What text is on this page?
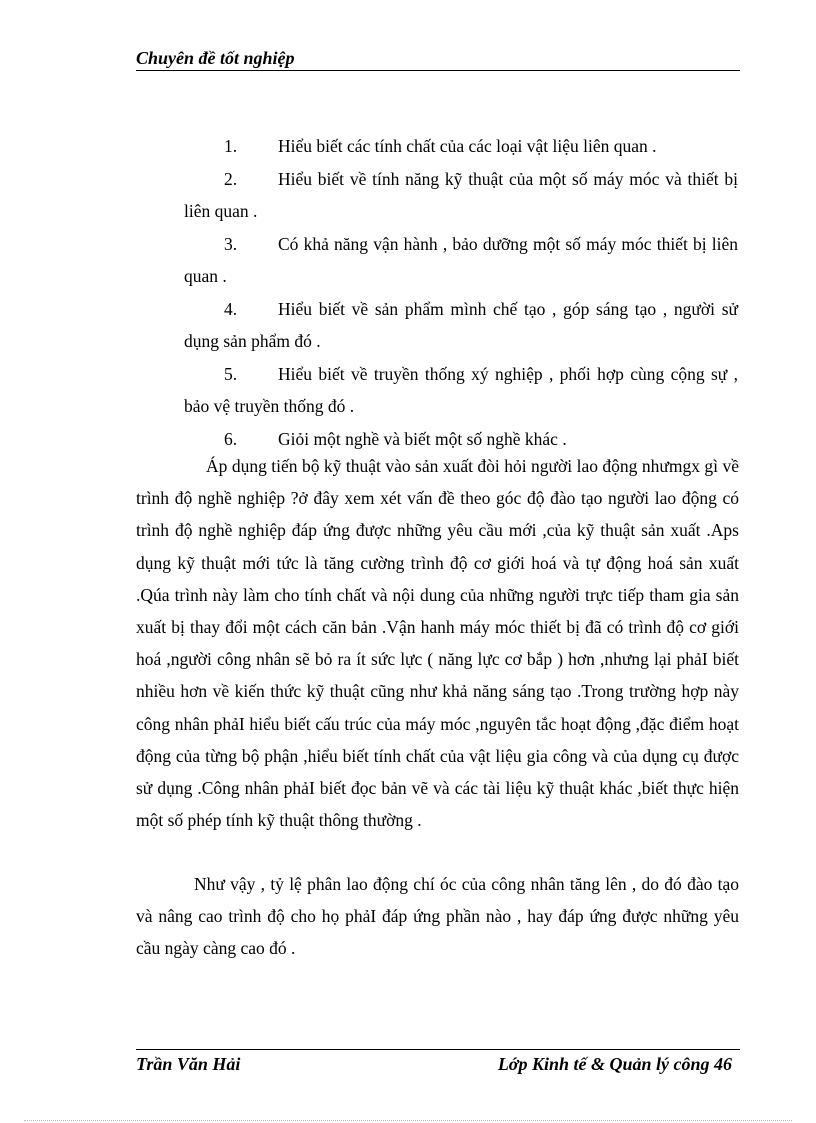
Chuyên đề tốt nghiệp
1. Hiểu biết các tính chất của các loại vật liệu liên quan .
2. Hiểu biết về tính năng kỹ thuật của một số máy móc và thiết bị liên quan .
3. Có khả năng vận hành , bảo dưỡng một số máy móc thiết bị liên quan .
4. Hiểu biết về sản phẩm mình chế tạo , góp sáng tạo , người sử dụng sản phẩm đó .
5. Hiểu biết về truyền thống xý nghiệp , phối hợp cùng cộng sự , bảo vệ truyền thống đó .
6. Giỏi một nghề và biết một số nghề khác .

Áp dụng tiến bộ kỹ thuật vào sản xuất đòi hỏi người lao động nhưmgx gì về trình độ nghề nghiệp ?ở đây xem xét vấn đề theo góc độ đào tạo người lao động có trình độ nghề nghiệp đáp ứng được những yêu cầu mới ,của kỹ thuật sản xuất .Aps dụng kỹ thuật mới tức là tăng cường trình độ cơ giới hoá và tự động hoá sản xuất .Qúa trình này làm cho tính chất và nội dung của những người trực tiếp tham gia sản xuất bị thay đổi một cách căn bản .Vận hanh máy móc thiết bị đã có trình độ cơ giới hoá ,người công nhân sẽ bỏ ra ít sức lực ( năng lực cơ bắp ) hơn ,nhưng lại phảI biết nhiều hơn về kiến thức kỹ thuật cũng như khả năng sáng tạo .Trong trường hợp này công nhân phảI hiểu biết cấu trúc của máy móc ,nguyên tắc hoạt động ,đặc điểm hoạt động của từng bộ phận ,hiểu biết tính chất của vật liệu gia công và của dụng cụ được sử dụng .Công nhân phảI biết đọc bản vẽ và các tài liệu kỹ thuật khác ,biết thực hiện một số phép tính kỹ thuật thông thường .

Như vậy , tỷ lệ phân lao động chí óc của công nhân tăng lên , do đó đào tạo và nâng cao trình độ cho họ phảI đáp ứng phần nào , hay đáp ứng được những yêu cầu ngày càng cao đó .

Trần Văn Hải	Lớp Kinh tế & Quản lý công 46
